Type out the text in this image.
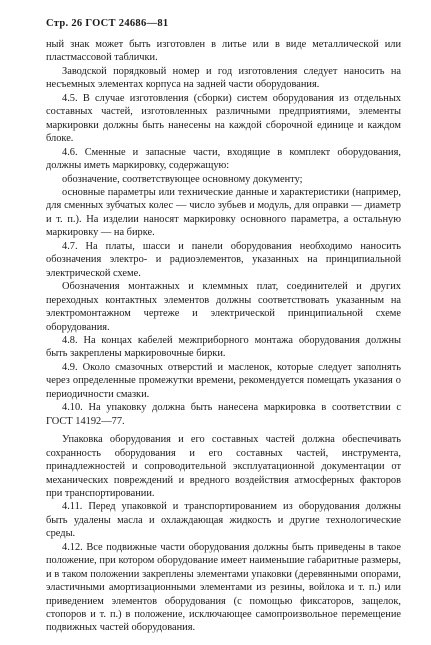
Стр. 26 ГОСТ 24686—81

ный знак может быть изготовлен в литье или в виде металлической или пластмассовой таблички.

Заводской порядковый номер и год изготовления следует наносить на несъемных элементах корпуса на задней части оборудования.

4.5. В случае изготовления (сборки) систем оборудования из отдельных составных частей, изготовленных различными предприятиями, элементы маркировки должны быть нанесены на каждой сборочной единице и каждом блоке.

4.6. Сменные и запасные части, входящие в комплект оборудования, должны иметь маркировку, содержащую:

обозначение, соответствующее основному документу;

основные параметры или технические данные и характеристики (например, для сменных зубчатых колес — число зубьев и модуль, для оправки — диаметр и т. п.). На изделии наносят маркировку основного параметра, а остальную маркировку — на бирке.

4.7. На платы, шасси и панели оборудования необходимо наносить обозначения электро- и радиоэлементов, указанных на принципиальной электрической схеме.

Обозначения монтажных и клеммных плат, соединителей и других переходных контактных элементов должны соответствовать указанным на электромонтажном чертеже и электрической принципиальной схеме оборудования.

4.8. На концах кабелей межприборного монтажа оборудования должны быть закреплены маркировочные бирки.

4.9. Около смазочных отверстий и масленок, которые следует заполнять через определенные промежутки времени, рекомендуется помещать указания о периодичности смазки.

4.10. На упаковку должна быть нанесена маркировка в соответствии с ГОСТ 14192—77.

Упаковка оборудования и его составных частей должна обеспечивать сохранность оборудования и его составных частей, инструмента, принадлежностей и сопроводительной эксплуатационной документации от механических повреждений и вредного воздействия атмосферных факторов при транспортировании.

4.11. Перед упаковкой и транспортированием из оборудования должны быть удалены масла и охлаждающая жидкость и другие технологические среды.

4.12. Все подвижные части оборудования должны быть приведены в такое положение, при котором оборудование имеет наименьшие габаритные размеры, и в таком положении закреплены элементами упаковки (деревянными опорами, эластичными амортизационными элементами из резины, войлока и т. п.) или приведением элементов оборудования (с помощью фиксаторов, защелок, стопоров и т. п.) в положение, исключающее самопроизвольное перемещение подвижных частей оборудования.
